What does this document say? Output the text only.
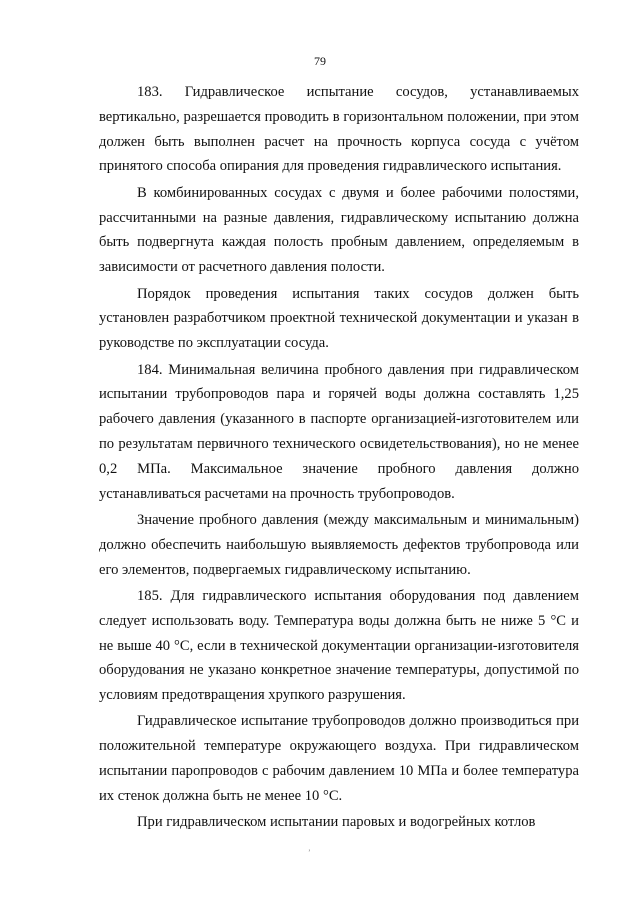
79

183. Гидравлическое испытание сосудов, устанавливаемых вертикально, разрешается проводить в горизонтальном положении, при этом должен быть выполнен расчет на прочность корпуса сосуда с учётом принятого способа опирания для проведения гидравлического испытания.

В комбинированных сосудах с двумя и более рабочими полостями, рассчитанными на разные давления, гидравлическому испытанию должна быть подвергнута каждая полость пробным давлением, определяемым в зависимости от расчетного давления полости.

Порядок проведения испытания таких сосудов должен быть установлен разработчиком проектной технической документации и указан в руководстве по эксплуатации сосуда.

184. Минимальная величина пробного давления при гидравлическом испытании трубопроводов пара и горячей воды должна составлять 1,25 рабочего давления (указанного в паспорте организацией-изготовителем или по результатам первичного технического освидетельствования), но не менее 0,2 МПа. Максимальное значение пробного давления должно устанавливаться расчетами на прочность трубопроводов.

Значение пробного давления (между максимальным и минимальным) должно обеспечить наибольшую выявляемость дефектов трубопровода или его элементов, подвергаемых гидравлическому испытанию.

185. Для гидравлического испытания оборудования под давлением следует использовать воду. Температура воды должна быть не ниже 5 °С и не выше 40 °С, если в технической документации организации-изготовителя оборудования не указано конкретное значение температуры, допустимой по условиям предотвращения хрупкого разрушения.

Гидравлическое испытание трубопроводов должно производиться при положительной температуре окружающего воздуха. При гидравлическом испытании паропроводов с рабочим давлением 10 МПа и более температура их стенок должна быть не менее 10 °С.

При гидравлическом испытании паровых и водогрейных котлов

’
